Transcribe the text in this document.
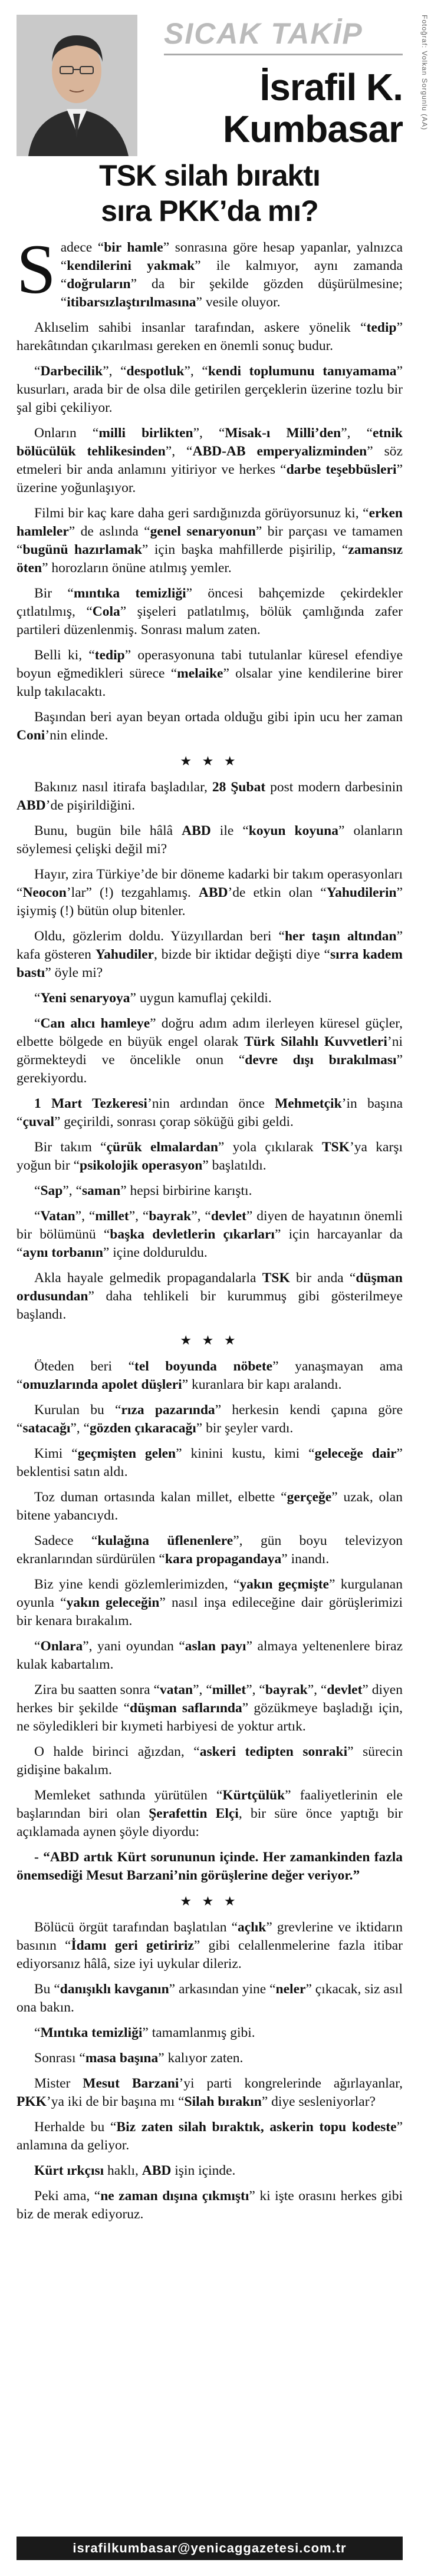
Fotoğraf: Volkan Sorgunlu (AA)
SICAK TAKİP
İsrafil K.
Kumbasar
TSK silah bıraktı
sıra PKK’da mı?

Sadece “bir hamle” sonrasına göre hesap yapanlar, yalnızca “kendilerini yakmak” ile kalmıyor, aynı zamanda “doğruların” da bir şekilde gözden düşürülmesine; “itibarsızlaştırılmasına” vesile oluyor.

Aklıselim sahibi insanlar tarafından, askere yönelik “tedip” harekâtından çıkarılması gereken en önemli sonuç budur.

“Darbecilik”, “despotluk”, “kendi toplumunu tanıyamama” kusurları, arada bir de olsa dile getirilen gerçeklerin üzerine tozlu bir şal gibi çekiliyor.

Onların “milli birlikten”, “Misak-ı Milli’den”, “etnik bölücülük tehlikesinden”, “ABD-AB emperyalizminden” söz etmeleri bir anda anlamını yitiriyor ve herkes “darbe teşebbüsleri” üzerine yoğunlaşıyor.

Filmi bir kaç kare daha geri sardığınızda görüyorsunuz ki, “erken hamleler” de aslında “genel senaryonun” bir parçası ve tamamen “bugünü hazırlamak” için başka mahfillerde pişirilip, “zamansız öten” horozların önüne atılmış yemler.

Bir “mıntıka temizliği” öncesi bahçemizde çekirdekler çıtlatılmış, “Cola” şişeleri patlatılmış, bölük çamlığında zafer partileri düzenlenmiş. Sonrası malum zaten.

Belli ki, “tedip” operasyonuna tabi tutulanlar küresel efendiye boyun eğmedikleri sürece “melaike” olsalar yine kendilerine birer kulp takılacaktı.

Başından beri ayan beyan ortada olduğu gibi ipin ucu her zaman Coni’nin elinde.

★ ★ ★

Bakınız nasıl itirafa başladılar, 28 Şubat post modern darbesinin ABD’de pişirildiğini.

Bunu, bugün bile hâlâ ABD ile “koyun koyuna” olanların söylemesi çelişki değil mi?

Hayır, zira Türkiye’de bir döneme kadarki bir takım operasyonları “Neocon’lar” (!) tezgahlamış. ABD’de etkin olan “Yahudilerin” işiymiş (!) bütün olup bitenler.

Oldu, gözlerim doldu. Yüzyıllardan beri “her taşın altından” kafa gösteren Yahudiler, bizde bir iktidar değişti diye “sırra kadem bastı” öyle mi?

“Yeni senaryoya” uygun kamuflaj çekildi.

“Can alıcı hamleye” doğru adım adım ilerleyen küresel güçler, elbette bölgede en büyük engel olarak Türk Silahlı Kuvvetleri’ni görmekteydi ve öncelikle onun “devre dışı bırakılması” gerekiyordu.

1 Mart Tezkeresi’nin ardından önce Mehmetçik’in başına “çuval” geçirildi, sonrası çorap söküğü gibi geldi.

Bir takım “çürük elmalardan” yola çıkılarak TSK’ya karşı yoğun bir “psikolojik operasyon” başlatıldı.

“Sap”, “saman” hepsi birbirine karıştı.

“Vatan”, “millet”, “bayrak”, “devlet” diyen de hayatının önemli bir bölümünü “başka devletlerin çıkarları” için harcayanlar da “aynı torbanın” içine dolduruldu.

Akla hayale gelmedik propagandalarla TSK bir anda “düşman ordusundan” daha tehlikeli bir kurummuş gibi gösterilmeye başlandı.

★ ★ ★

Öteden beri “tel boyunda nöbete” yanaşmayan ama “omuzlarında apolet düşleri” kuranlara bir kapı aralandı.

Kurulan bu “rıza pazarında” herkesin kendi çapına göre “satacağı”, “gözden çıkaracağı” bir şeyler vardı.

Kimi “geçmişten gelen” kinini kustu, kimi “geleceğe dair” beklentisi satın aldı.

Toz duman ortasında kalan millet, elbette “gerçeğe” uzak, olan bitene yabancıydı.

Sadece “kulağına üflenenlere”, gün boyu televizyon ekranlarından sürdürülen “kara propagandaya” inandı.

Biz yine kendi gözlemlerimizden, “yakın geçmişte” kurgulanan oyunla “yakın geleceğin” nasıl inşa edileceğine dair görüşlerimizi bir kenara bırakalım.

“Onlara”, yani oyundan “aslan payı” almaya yeltenenlere biraz kulak kabartalım.

Zira bu saatten sonra “vatan”, “millet”, “bayrak”, “devlet” diyen herkes bir şekilde “düşman saflarında” gözükmeye başladığı için, ne söyledikleri bir kıymeti harbiyesi de yoktur artık.

O halde birinci ağızdan, “askeri tedipten sonraki” sürecin gidişine bakalım.

Memleket sathında yürütülen “Kürtçülük” faaliyetlerinin ele başlarından biri olan Şerafettin Elçi, bir süre önce yaptığı bir açıklamada aynen şöyle diyordu:

- “ABD artık Kürt sorununun içinde. Her zamankinden fazla önemsediği Mesut Barzani’nin görüşlerine değer veriyor.”

★ ★ ★

Bölücü örgüt tarafından başlatılan “açlık” grevlerine ve iktidarın basının “İdamı geri getiririz” gibi celallenmelerine fazla itibar ediyorsanız hâlâ, size iyi uykular dileriz.

Bu “danışıklı kavganın” arkasından yine “neler” çıkacak, siz asıl ona bakın.

“Mıntıka temizliği” tamamlanmış gibi.

Sonrası “masa başına” kalıyor zaten.

Mister Mesut Barzani’yi parti kongrelerinde ağırlayanlar, PKK’ya iki de bir başına mı “Silah bırakın” diye sesleniyorlar?

Herhalde bu “Biz zaten silah bıraktık, askerin topu kodeste” anlamına da geliyor.

Kürt ırkçısı haklı, ABD işin içinde.

Peki ama, “ne zaman dışına çıkmıştı” ki işte orasını herkes gibi biz de merak ediyoruz.

israfilkumbasar@yenicaggazetesi.com.tr
